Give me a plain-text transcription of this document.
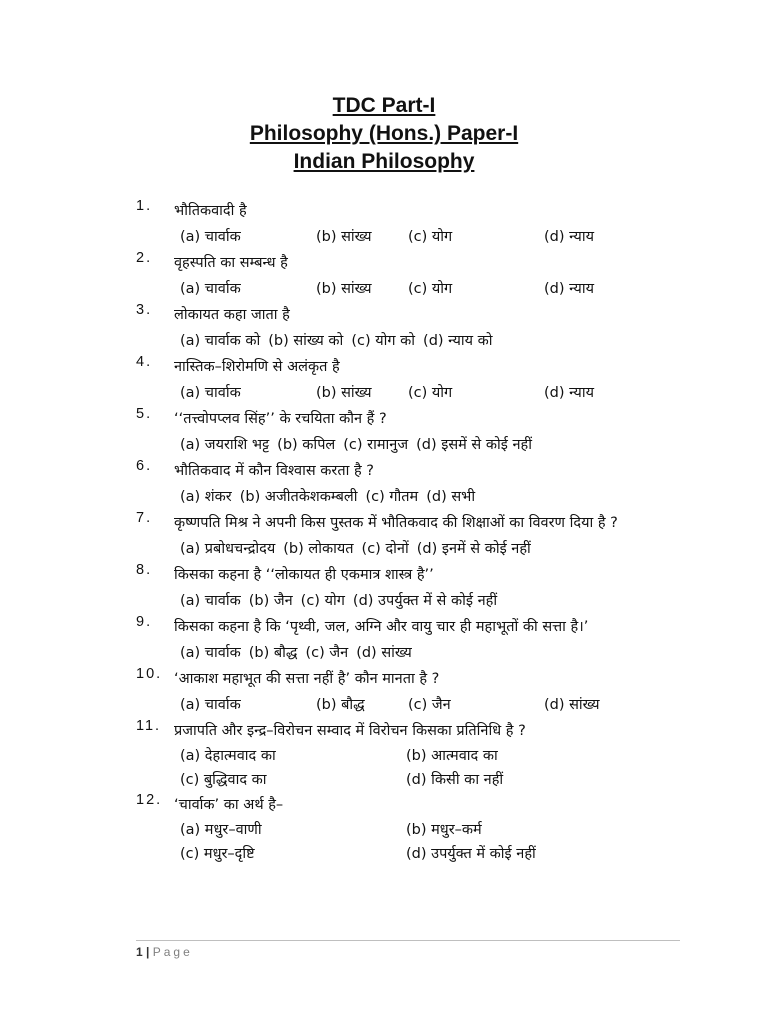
TDC Part-I
Philosophy (Hons.) Paper-I
Indian Philosophy
1.	भौतिकवादी है
(a) चार्वाक	(b) सांख्य	(c) योग	(d) न्याय
2.	वृहस्पति का सम्बन्ध है
(a) चार्वाक	(b) सांख्य	(c) योग	(d) न्याय
3.	लोकायत कहा जाता है
(a) चार्वाक को (b) सांख्य को (c) योग को (d) न्याय को
4.	नास्तिक–शिरोमणि से अलंकृत है
(a) चार्वाक	(b) सांख्य	(c) योग	(d) न्याय
5.	‘‘तत्त्वोपप्लव सिंह’’ के रचयिता कौन हैं ?
(a) जयराशि भट्ट (b) कपिल (c) रामानुज (d) इसमें से कोई नहीं
6.	भौतिकवाद में कौन विश्वास करता है ?
(a) शंकर (b) अजीतकेशकम्बली (c) गौतम (d) सभी
7.	कृष्णपति मिश्र ने अपनी किस पुस्तक में भौतिकवाद की शिक्षाओं का विवरण दिया है ?
(a) प्रबोधचन्द्रोदय (b) लोकायत (c) दोनों (d) इनमें से कोई नहीं
8.	किसका कहना है ‘‘लोकायत ही एकमात्र शास्त्र है’’
(a) चार्वाक (b) जैन (c) योग (d) उपर्युक्त में से कोई नहीं
9.	किसका कहना है कि ‘पृथ्वी, जल, अग्नि और वायु चार ही महाभूतों की सत्ता है।’
(a) चार्वाक (b) बौद्ध (c) जैन (d) सांख्य
10. ‘आकाश महाभूत की सत्ता नहीं है’ कौन मानता है ?
(a) चार्वाक	(b) बौद्ध	(c) जैन	(d) सांख्य
11. प्रजापति और इन्द्र–विरोचन सम्वाद में विरोचन किसका प्रतिनिधि है ?
(a) देहात्मवाद का	(b) आत्मवाद का
(c) बुद्धिवाद का	(d) किसी का नहीं
12. ‘चार्वाक’ का अर्थ है–
(a) मधुर–वाणी	(b) मधुर–कर्म
(c) मधुर–दृष्टि	(d) उपर्युक्त में कोई नहीं
1 | Page
